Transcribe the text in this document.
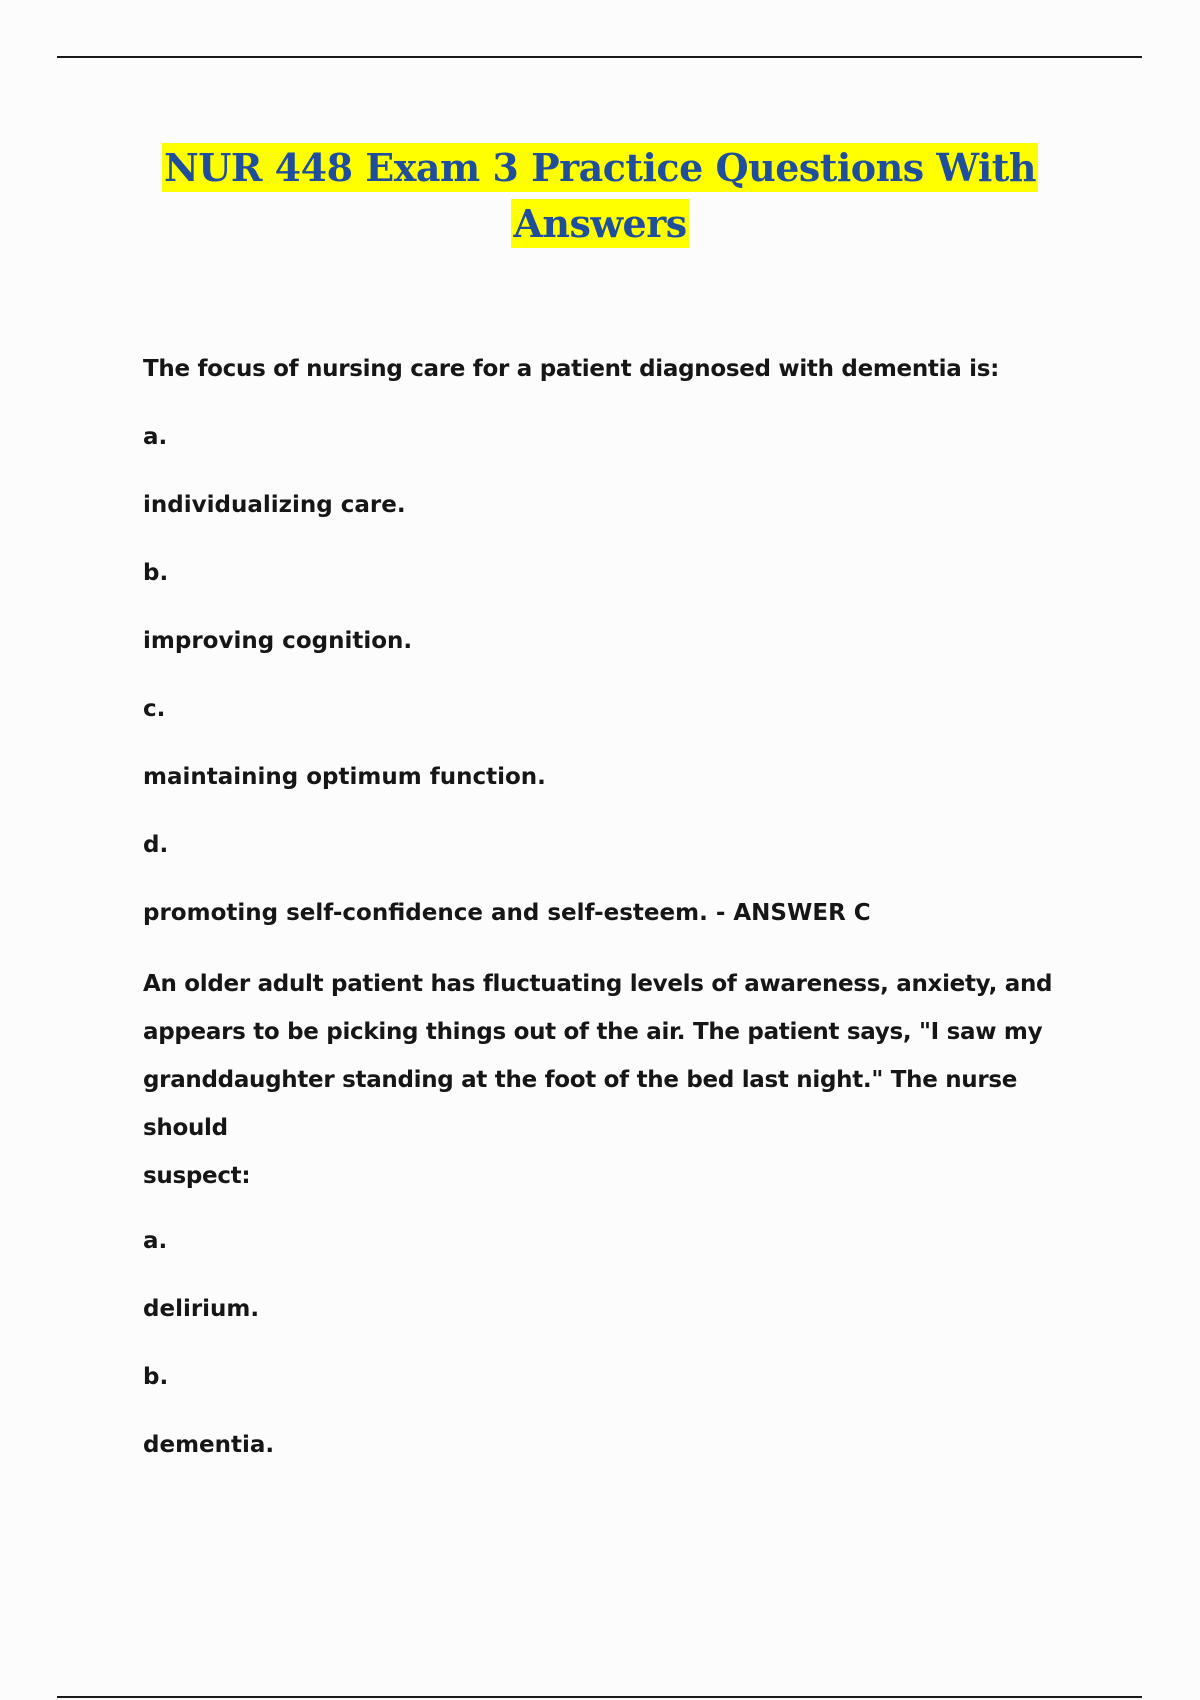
NUR 448 Exam 3 Practice Questions With
Answers

The focus of nursing care for a patient diagnosed with dementia is:

a.

individualizing care.

b.

improving cognition.

c.

maintaining optimum function.

d.

promoting self-confidence and self-esteem. - ANSWER C

An older adult patient has fluctuating levels of awareness, anxiety, and
appears to be picking things out of the air. The patient says, "I saw my
granddaughter standing at the foot of the bed last night." The nurse should
suspect:

a.

delirium.

b.

dementia.
